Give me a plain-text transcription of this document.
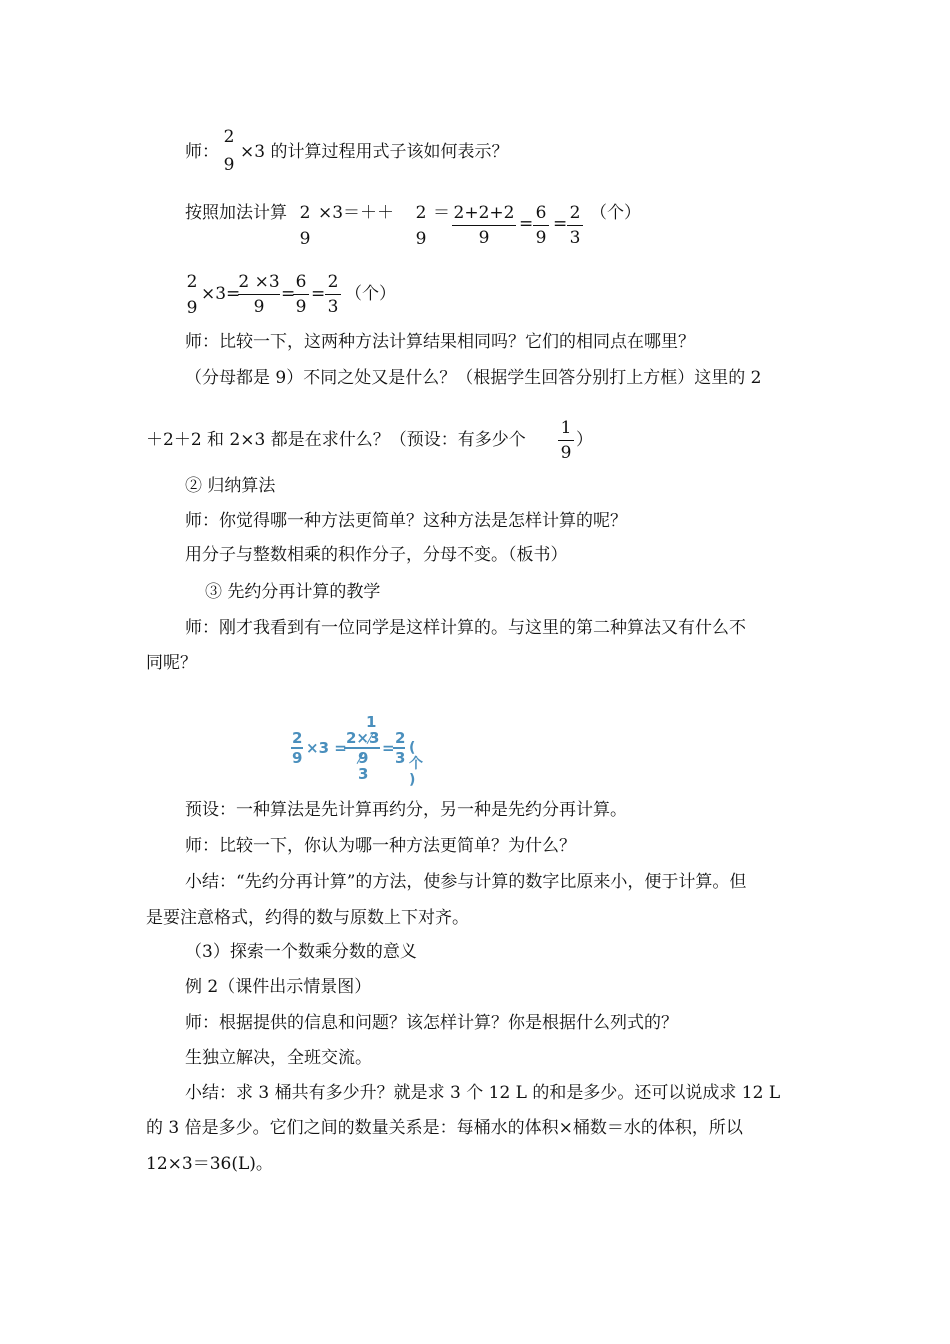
师：
2
9
×3 的计算过程用式子该如何表示？
按照加法计算 2
9
×3＝＋＋ 2
9
＝ 2+2+2
9
=
6
9
=
2
3
（个）
2
9
×3=
2 ×3
9
=
6
9
=
2
3
（个）
师：比较一下，这两种方法计算结果相同吗？它们的相同点在哪里？
（分母都是 9）不同之处又是什么？（根据学生回答分别打上方框）这里的 2
＋2＋2 和 2×3 都是在求什么？（预设：有多少个
1
9
）
② 归纳算法
师：你觉得哪一种方法更简单？这种方法是怎样计算的呢？
用分子与整数相乘的积作分子，分母不变。（板书）
③ 先约分再计算的教学
师：刚才我看到有一位同学是这样计算的。与这里的第二种算法又有什么不
同呢？
2
9
×3 =
1
2×3
9
3
=
2
3
( 个 )
预设：一种算法是先计算再约分，另一种是先约分再计算。
师：比较一下，你认为哪一种方法更简单？为什么？
小结：“先约分再计算”的方法，使参与计算的数字比原来小，便于计算。但
是要注意格式，约得的数与原数上下对齐。
（3）探索一个数乘分数的意义
例 2（课件出示情景图）
师：根据提供的信息和问题？该怎样计算？你是根据什么列式的？
生独立解决，全班交流。
小结：求 3 桶共有多少升？就是求 3 个 12 L 的和是多少。还可以说成求 12 L
的 3 倍是多少。它们之间的数量关系是：每桶水的体积×桶数＝水的体积，所以
12×3＝36(L)。
